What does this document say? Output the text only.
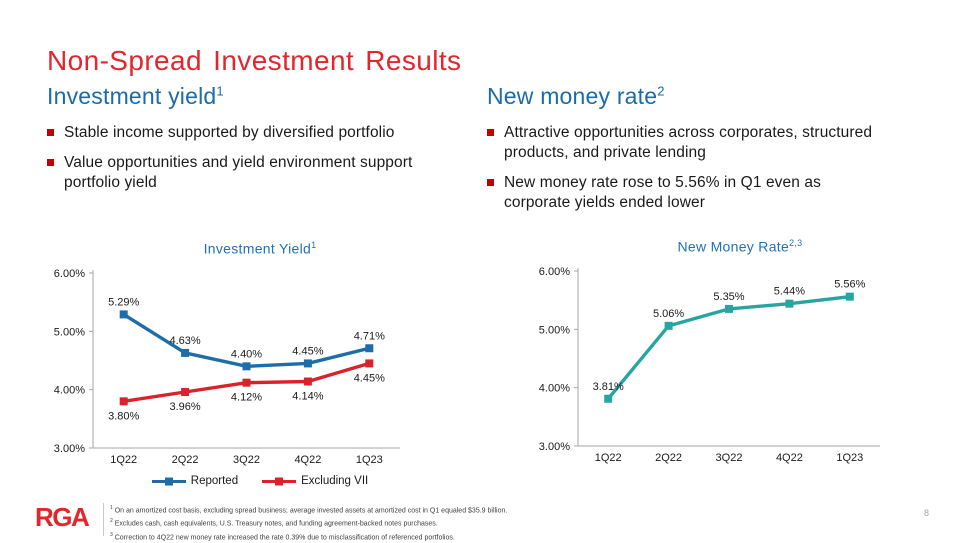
Non-Spread Investment Results
Investment yield$^1$
Stable income supported by diversified portfolio
Value opportunities and yield environment support portfolio yield
New money rate$^2$
Attractive opportunities across corporates, structured products, and private lending
New money rate rose to 5.56% in Q1 even as corporate yields ended lower
Investment Yield$^1$
6.00%
5.00%
4.00%
3.00%
1Q22	2Q22	3Q22	4Q22	1Q23
5.29%
4.63%
4.40%	4.45%
4.71%
3.80%
3.96%
4.12%	4.14%
4.45%
Reported	Excluding VII
New Money Rate$^{2,3}$
6.00%
5.00%
4.00%
3.00%
1Q22	2Q22	3Q22	4Q22	1Q23
3.81%
5.06%
5.35%	5.44%
5.56%
RGA	$^1$ On an amortized cost basis, excluding spread business; average invested assets at amortized cost in Q1 equaled $35.9 billion.
$^2$ Excludes cash, cash equivalents, U.S. Treasury notes, and funding agreement-backed notes purchases.
$^3$ Correction to 4Q22 new money rate increased the rate 0.39% due to misclassification of referenced portfolios.
8
